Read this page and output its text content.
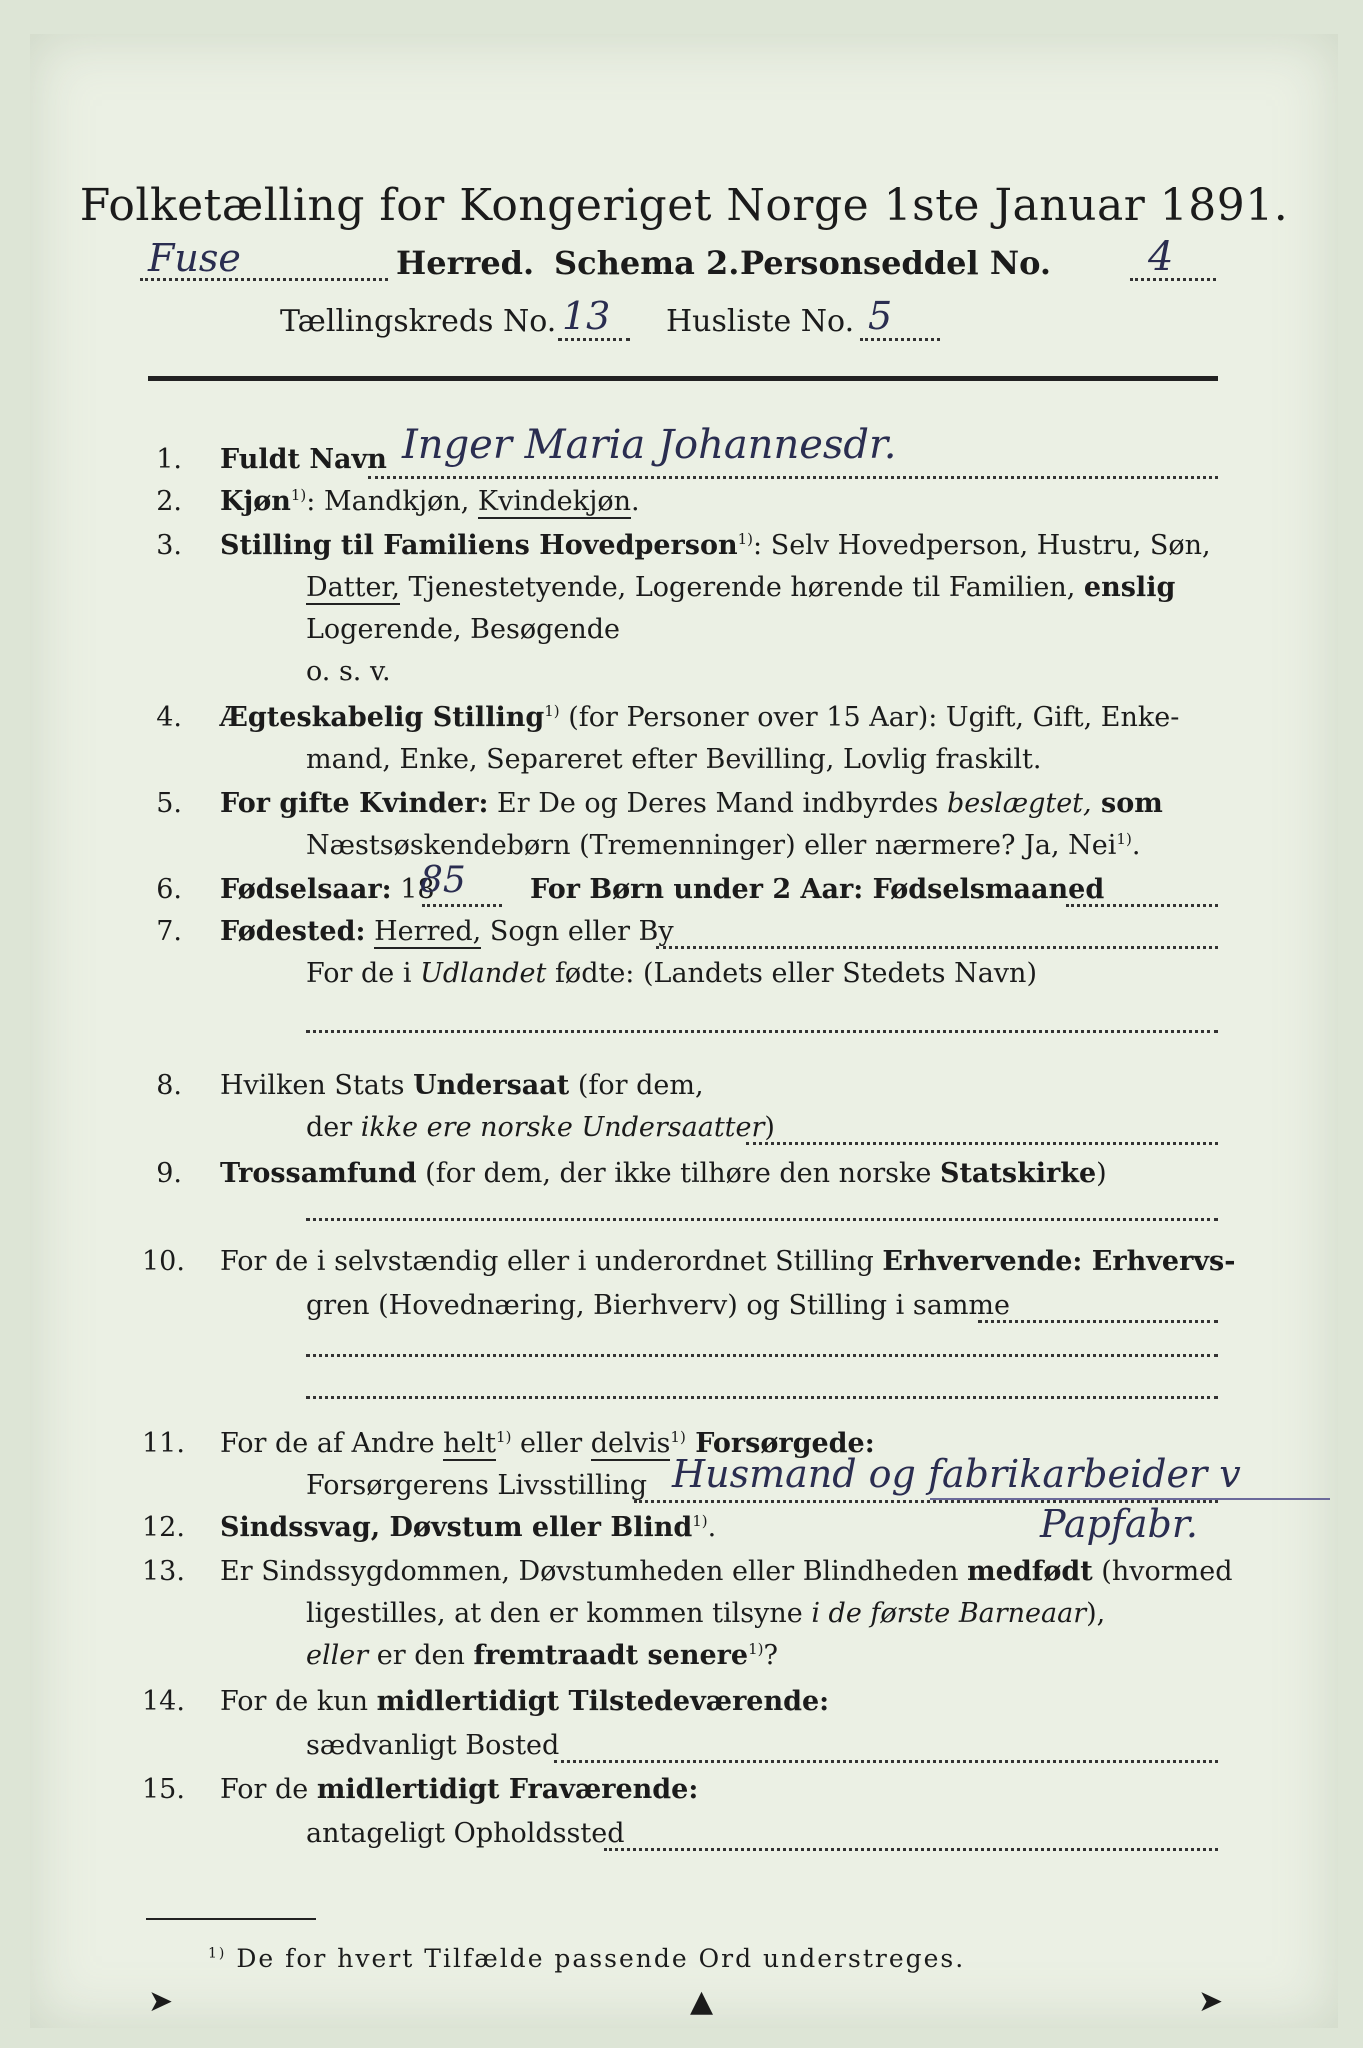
Folketælling for Kongeriget Norge 1ste Januar 1891.
Fuse	Herred. Schema 2. Personseddel No. 4
Tællingskreds No. 13 Husliste No. 5
1. Fuldt Navn Inger Maria Johannesdr.
2. Kjøn$^{1)}$: Mandkjøn, Kvindekjøn.
3. Stilling til Familiens Hovedperson$^{1)}$: Selv Hovedperson, Hustru, Søn,
Datter, Tjenestetyende, Logerende hørende til Familien, enslig
Logerende, Besøgende
o. s. v.
4. Ægteskabelig Stilling$^{1)}$ (for Personer over 15 Aar): Ugift, Gift, Enke-
mand, Enke, Separeret efter Bevilling, Lovlig fraskilt.
5. For gifte Kvinder: Er De og Deres Mand indbyrdes beslægtet, som
Næstsøskendebørn (Tremenninger) eller nærmere? Ja, Nei$^{1)}$.
6. Fødselsaar: 18
85 For Børn under 2 Aar: Fødselsmaaned
7. Fødested: Herred, Sogn eller By
For de i Udlandet fødte: (Landets eller Stedets Navn)
8. Hvilken Stats Undersaat (for dem,
der ikke ere norske Undersaatter)
9. Trossamfund (for dem, der ikke tilhøre den norske Statskirke)
10. For de i selvstændig eller i underordnet Stilling Erhvervende: Erhvervs-
gren (Hovednæring, Bierhverv) og Stilling i samme
11. For de af Andre helt$^{1)}$ eller delvis$^{1)}$ Forsørgede:
Forsørgerens Livsstilling Husmand og fabrikarbeider v
Papfabr.
12. Sindssvag, Døvstum eller Blind$^{1)}$.
13. Er Sindssygdommen, Døvstumheden eller Blindheden medfødt (hvormed
ligestilles, at den er kommen tilsyne i de første Barneaar),
eller er den fremtraadt senere$^{1)}$?
14. For de kun midlertidigt Tilstedeværende:
sædvanligt Bosted
15. For de midlertidigt Fraværende:
antageligt Opholdssted
$^{1)}$ De for hvert Tilfælde passende Ord understreges.
➤	▲	➤
